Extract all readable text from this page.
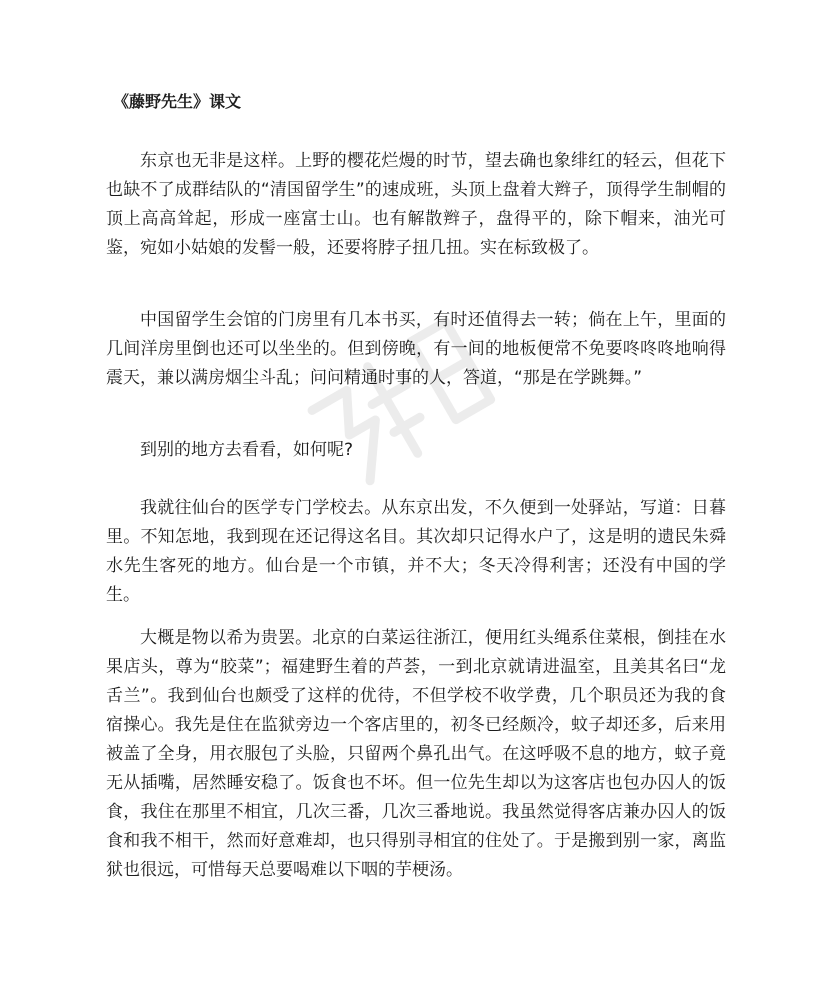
《藤野先生》课文

东京也无非是这样。上野的樱花烂熳的时节，望去确也象绯红的轻云，但花下也缺不了成群结队的“清国留学生”的速成班，头顶上盘着大辫子，顶得学生制帽的顶上高高耸起，形成一座富士山。也有解散辫子，盘得平的，除下帽来，油光可鉴，宛如小姑娘的发髻一般，还要将脖子扭几扭。实在标致极了。

中国留学生会馆的门房里有几本书买，有时还值得去一转；倘在上午，里面的几间洋房里倒也还可以坐坐的。但到傍晚，有一间的地板便常不免要咚咚咚地响得震天，兼以满房烟尘斗乱；问问精通时事的人，答道，“那是在学跳舞。”

到别的地方去看看，如何呢?

我就往仙台的医学专门学校去。从东京出发，不久便到一处驿站，写道：日暮里。不知怎地，我到现在还记得这名目。其次却只记得水户了，这是明的遗民朱舜水先生客死的地方。仙台是一个市镇，并不大；冬天冷得利害；还没有中国的学生。

大概是物以希为贵罢。北京的白菜运往浙江，便用红头绳系住菜根，倒挂在水果店头，尊为“胶菜”；福建野生着的芦荟，一到北京就请进温室，且美其名曰“龙舌兰”。我到仙台也颇受了这样的优待，不但学校不收学费，几个职员还为我的食宿操心。我先是住在监狱旁边一个客店里的，初冬已经颇冷，蚊子却还多，后来用被盖了全身，用衣服包了头脸，只留两个鼻孔出气。在这呼吸不息的地方，蚊子竟无从插嘴，居然睡安稳了。饭食也不坏。但一位先生却以为这客店也包办囚人的饭食，我住在那里不相宜，几次三番，几次三番地说。我虽然觉得客店兼办囚人的饭食和我不相干，然而好意难却，也只得别寻相宜的住处了。于是搬到别一家，离监狱也很远，可惜每天总要喝难以下咽的芋梗汤。
